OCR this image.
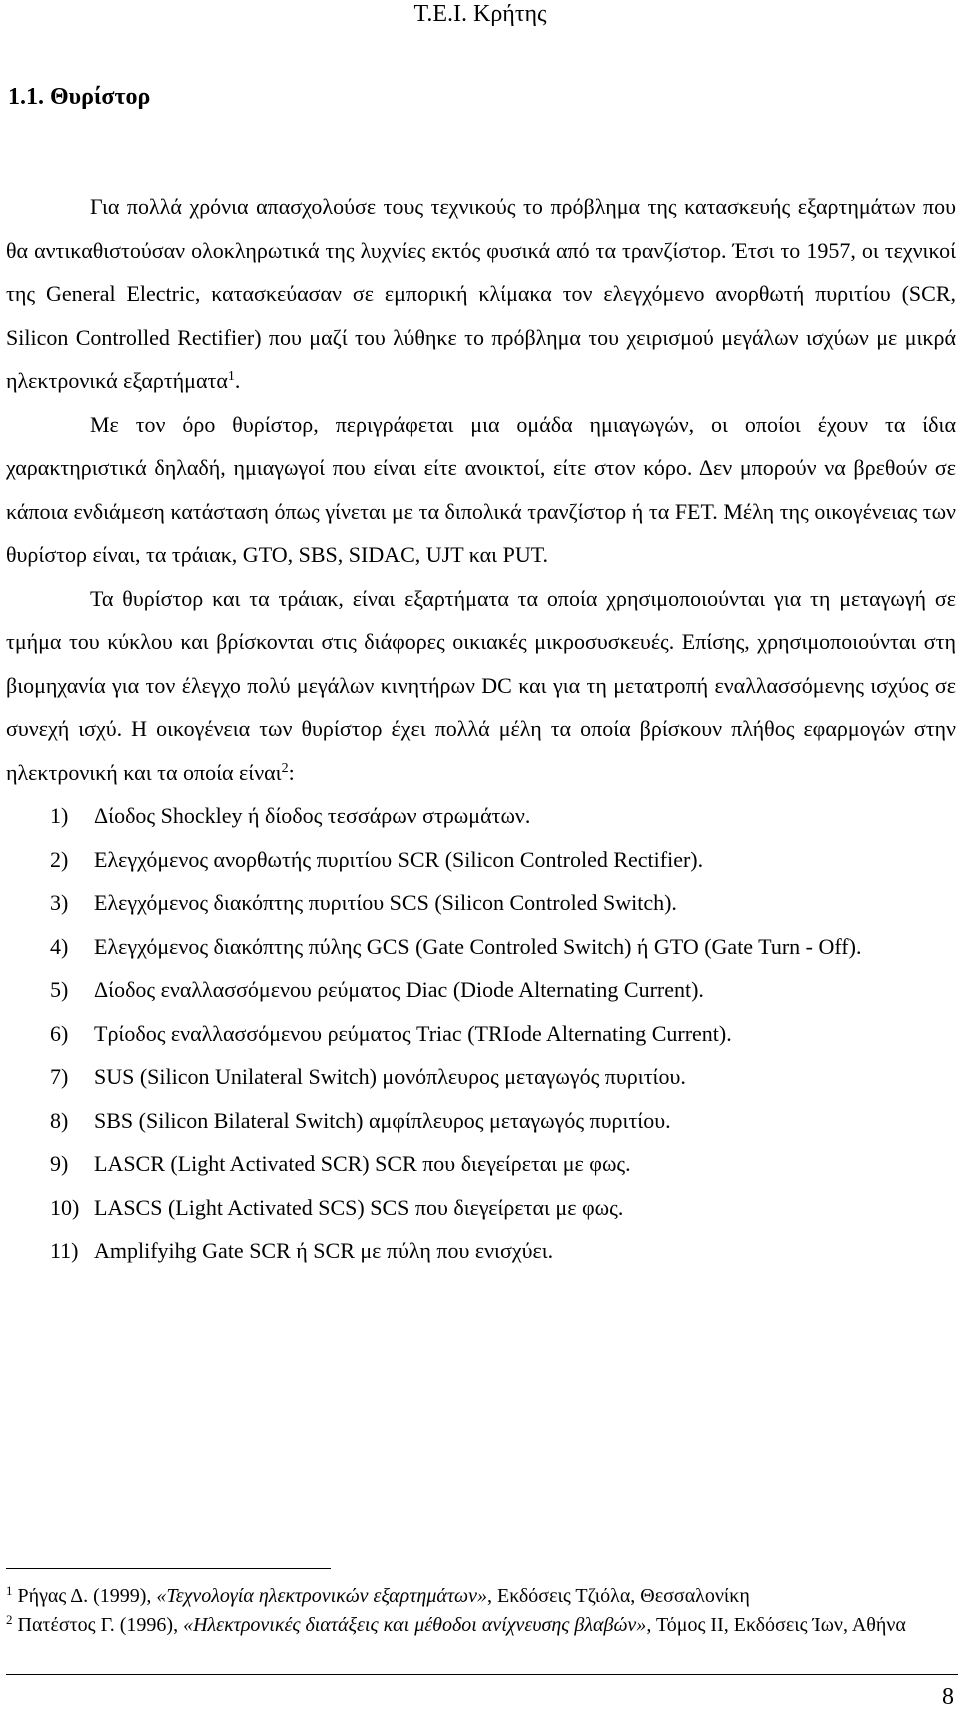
Τ.Ε.Ι. Κρήτης
1.1. Θυρίστορ

Για πολλά χρόνια απασχολούσε τους τεχνικούς το πρόβλημα της κατασκευής εξαρτημάτων που θα αντικαθιστούσαν ολοκληρωτικά της λυχνίες εκτός φυσικά από τα τρανζίστορ. Έτσι το 1957, οι τεχνικοί της General Electric, κατασκεύασαν σε εμπορική κλίμακα τον ελεγχόμενο ανορθωτή πυριτίου (SCR, Silicon Controlled Rectifier) που μαζί του λύθηκε το πρόβλημα του χειρισμού μεγάλων ισχύων με μικρά ηλεκτρονικά εξαρτήματα$^1$.

Με τον όρο θυρίστορ, περιγράφεται μια ομάδα ημιαγωγών, οι οποίοι έχουν τα ίδια χαρακτηριστικά δηλαδή, ημιαγωγοί που είναι είτε ανοικτοί, είτε στον κόρο. Δεν μπορούν να βρεθούν σε κάποια ενδιάμεση κατάσταση όπως γίνεται με τα διπολικά τρανζίστορ ή τα FET. Μέλη της οικογένειας των θυρίστορ είναι, τα τράιακ, GTO, SBS, SIDAC, UJT και PUT.

Τα θυρίστορ και τα τράιακ, είναι εξαρτήματα τα οποία χρησιμοποιούνται για τη μεταγωγή σε τμήμα του κύκλου και βρίσκονται στις διάφορες οικιακές μικροσυσκευές. Επίσης, χρησιμοποιούνται στη βιομηχανία για τον έλεγχο πολύ μεγάλων κινητήρων DC και για τη μετατροπή εναλλασσόμενης ισχύος σε συνεχή ισχύ. Η οικογένεια των θυρίστορ έχει πολλά μέλη τα οποία βρίσκουν πλήθος εφαρμογών στην ηλεκτρονική και τα οποία είναι$^2$:

1)	Δίοδος Shockley ή δίοδος τεσσάρων στρωμάτων.
2)	Ελεγχόμενος ανορθωτής πυριτίου SCR (Silicon Controled Rectifier).
3)	Ελεγχόμενος διακόπτης πυριτίου SCS (Silicon Controled Switch).
4)	Ελεγχόμενος διακόπτης πύλης GCS (Gate Controled Switch) ή GTO (Gate Turn - Off).
5)	Δίοδος εναλλασσόμενου ρεύματος Diac (Diode Alternating Current).
6)	Τρίοδος εναλλασσόμενου ρεύματος Triac (TRIode Alternating Current).
7)	SUS (Silicon Unilateral Switch) μονόπλευρος μεταγωγός πυριτίου.
8)	SBS (Silicon Bilateral Switch) αμφίπλευρος μεταγωγός πυριτίου.
9)	LASCR (Light Activated SCR) SCR που διεγείρεται με φως.
10) LASCS (Light Activated SCS) SCS που διεγείρεται με φως.
11) Amplifyihg Gate SCR ή SCR με πύλη που ενισχύει.

$^1$ Ρήγας Δ. (1999), «Τεχνολογία ηλεκτρονικών εξαρτημάτων», Εκδόσεις Τζιόλα, Θεσσαλονίκη

$^2$ Πατέστος Γ. (1996), «Ηλεκτρονικές διατάξεις και μέθοδοι ανίχνευσης βλαβών», Τόμος ΙΙ, Εκδόσεις Ίων, Αθήνα

8
